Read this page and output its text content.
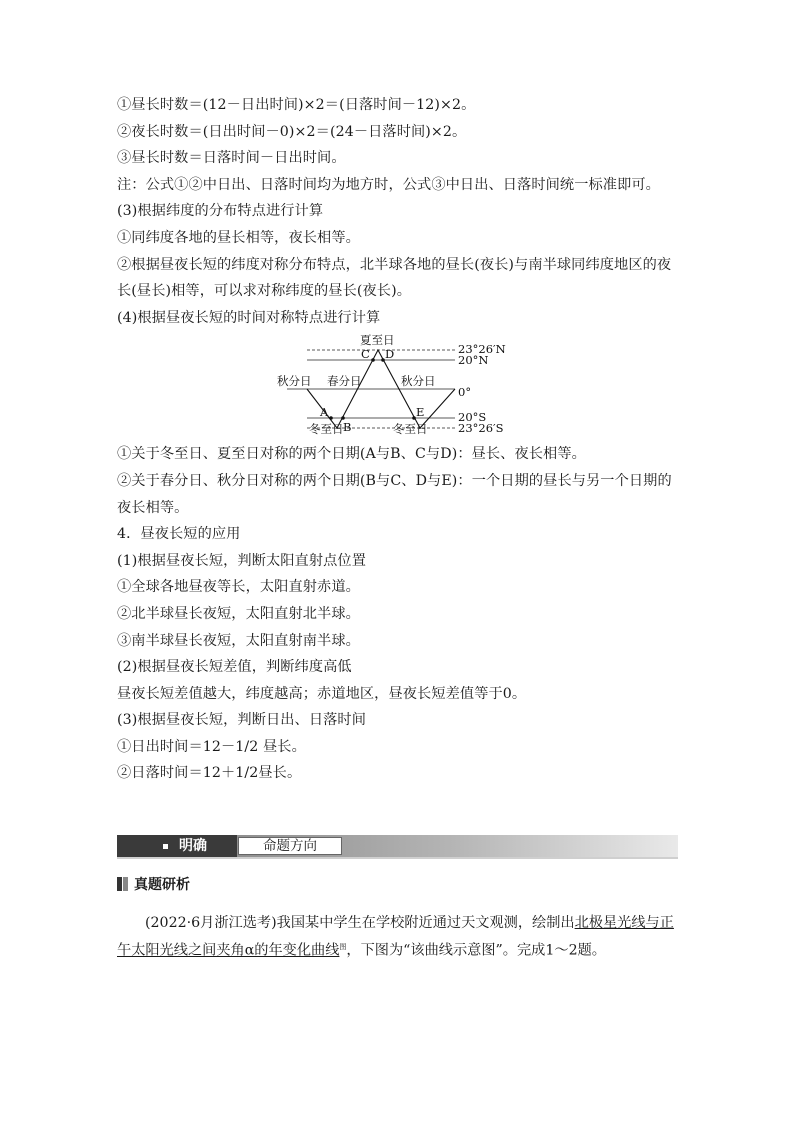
①昼长时数＝(12－日出时间)×2＝(日落时间－12)×2。
②夜长时数＝(日出时间－0)×2＝(24－日落时间)×2。
③昼长时数＝日落时间－日出时间。
注：公式①②中日出、日落时间均为地方时，公式③中日出、日落时间统一标准即可。
(3)根据纬度的分布特点进行计算
①同纬度各地的昼长相等，夜长相等。
②根据昼夜长短的纬度对称分布特点，北半球各地的昼长(夜长)与南半球同纬度地区的夜长(昼长)相等，可以求对称纬度的昼长(夜长)。
(4)根据昼夜长短的时间对称特点进行计算
夏至日
C D
秋分日 春分日	秋分日
A
B
E
23°26′N
20°N
0°
20°S
23°26′S
冬至日	冬至日
①关于冬至日、夏至日对称的两个日期(A与B、C与D)：昼长、夜长相等。
②关于春分日、秋分日对称的两个日期(B与C、D与E)：一个日期的昼长与另一个日期的夜长相等。
4．昼夜长短的应用
(1)根据昼夜长短，判断太阳直射点位置
①全球各地昼夜等长，太阳直射赤道。
②北半球昼长夜短，太阳直射北半球。
③南半球昼长夜短，太阳直射南半球。
(2)根据昼夜长短差值，判断纬度高低
昼夜长短差值越大，纬度越高；赤道地区，昼夜长短差值等于0。
(3)根据昼夜长短，判断日出、日落时间
①日出时间＝12－1/2 昼长。
②日落时间＝12＋1/2昼长。
明确	命题方向
真题研析
(2022·6月浙江选考)我国某中学生在学校附近通过天文观测，绘制出北极星光线与正午太阳光线之间夹角α的年变化曲线$^图$，下图为“该曲线示意图”。完成1～2题。
